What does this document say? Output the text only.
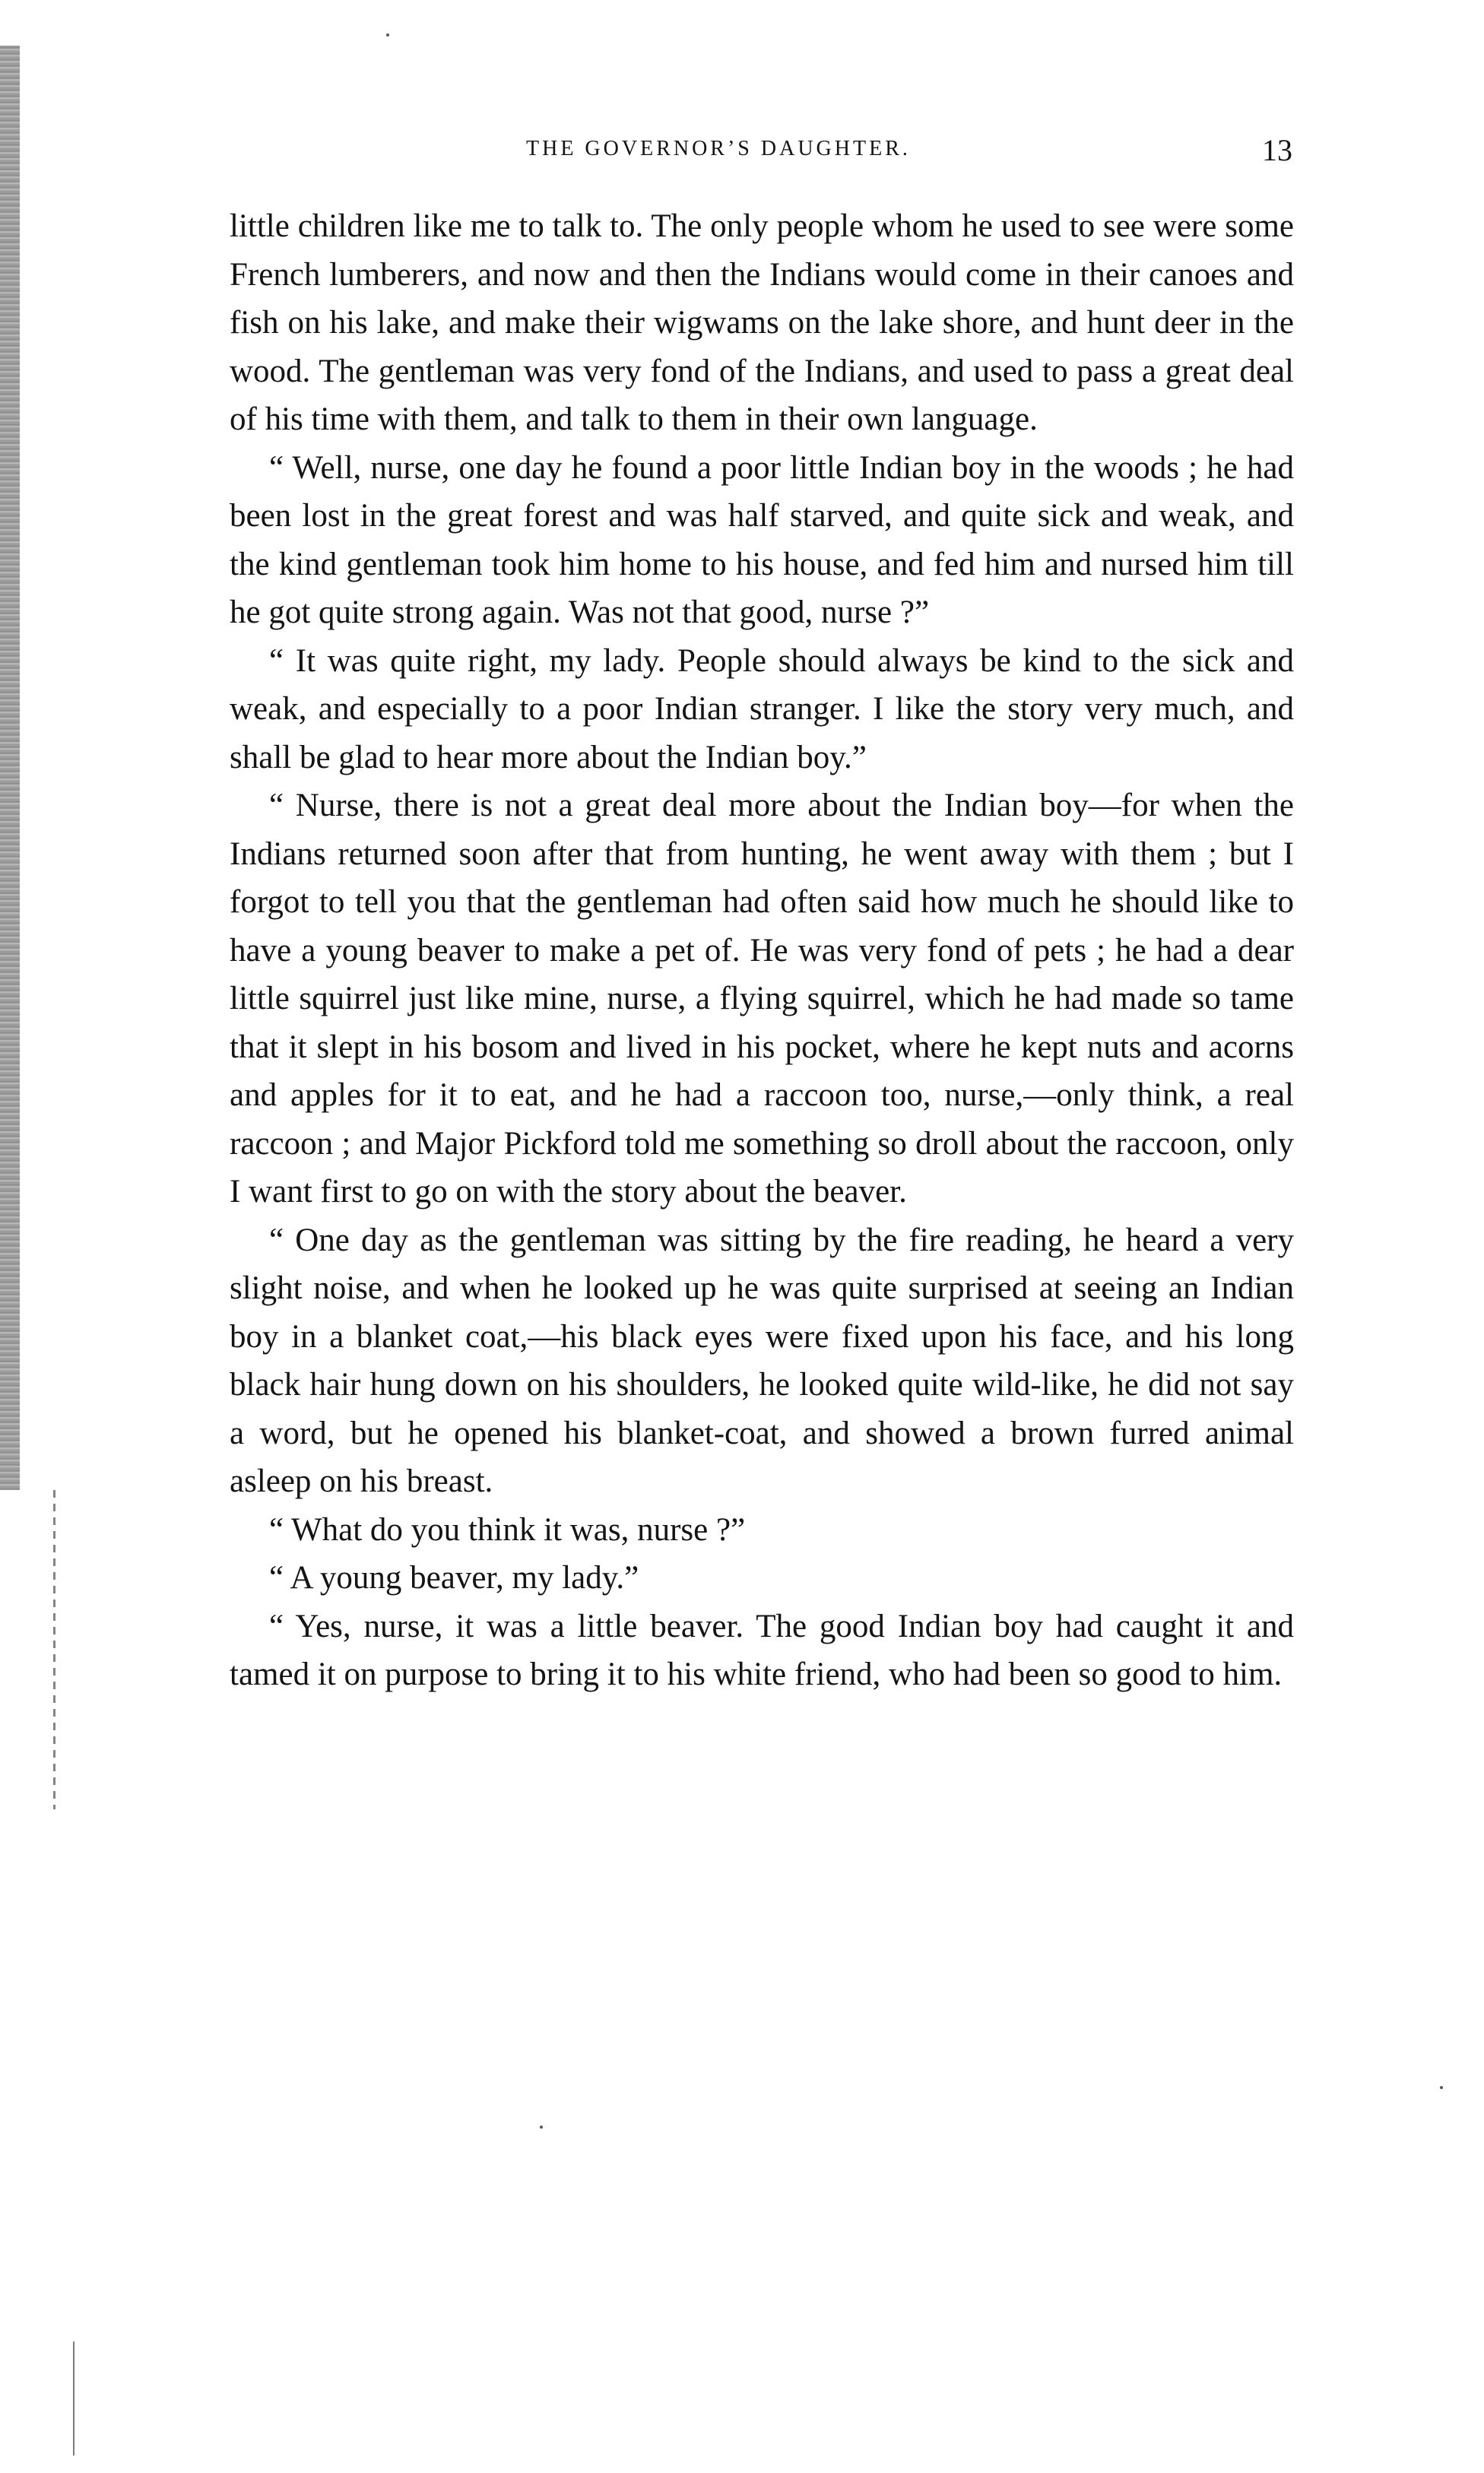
THE GOVERNOR’S DAUGHTER.	13

little children like me to talk to. The only people whom he used to see were some French lumberers, and now and then the Indians would come in their canoes and fish on his lake, and make their wigwams on the lake shore, and hunt deer in the wood. The gentleman was very fond of the Indians, and used to pass a great deal of his time with them, and talk to them in their own language.

“ Well, nurse, one day he found a poor little Indian boy in the woods ; he had been lost in the great forest and was half starved, and quite sick and weak, and the kind gentleman took him home to his house, and fed him and nursed him till he got quite strong again. Was not that good, nurse ?”

“ It was quite right, my lady. People should always be kind to the sick and weak, and especially to a poor Indian stranger. I like the story very much, and shall be glad to hear more about the Indian boy.”

“ Nurse, there is not a great deal more about the Indian boy—for when the Indians returned soon after that from hunting, he went away with them ; but I forgot to tell you that the gentleman had often said how much he should like to have a young beaver to make a pet of. He was very fond of pets ; he had a dear little squirrel just like mine, nurse, a flying squirrel, which he had made so tame that it slept in his bosom and lived in his pocket, where he kept nuts and acorns and apples for it to eat, and he had a raccoon too, nurse,—only think, a real raccoon ; and Major Pickford told me something so droll about the raccoon, only I want first to go on with the story about the beaver.

“ One day as the gentleman was sitting by the fire reading, he heard a very slight noise, and when he looked up he was quite surprised at seeing an Indian boy in a blanket coat,—his black eyes were fixed upon his face, and his long black hair hung down on his shoulders, he looked quite wild-like, he did not say a word, but he opened his blanket-coat, and showed a brown furred animal asleep on his breast.

“ What do you think it was, nurse ?”

“ A young beaver, my lady.”

“ Yes, nurse, it was a little beaver. The good Indian boy had caught it and tamed it on purpose to bring it to his white friend, who had been so good to him.
